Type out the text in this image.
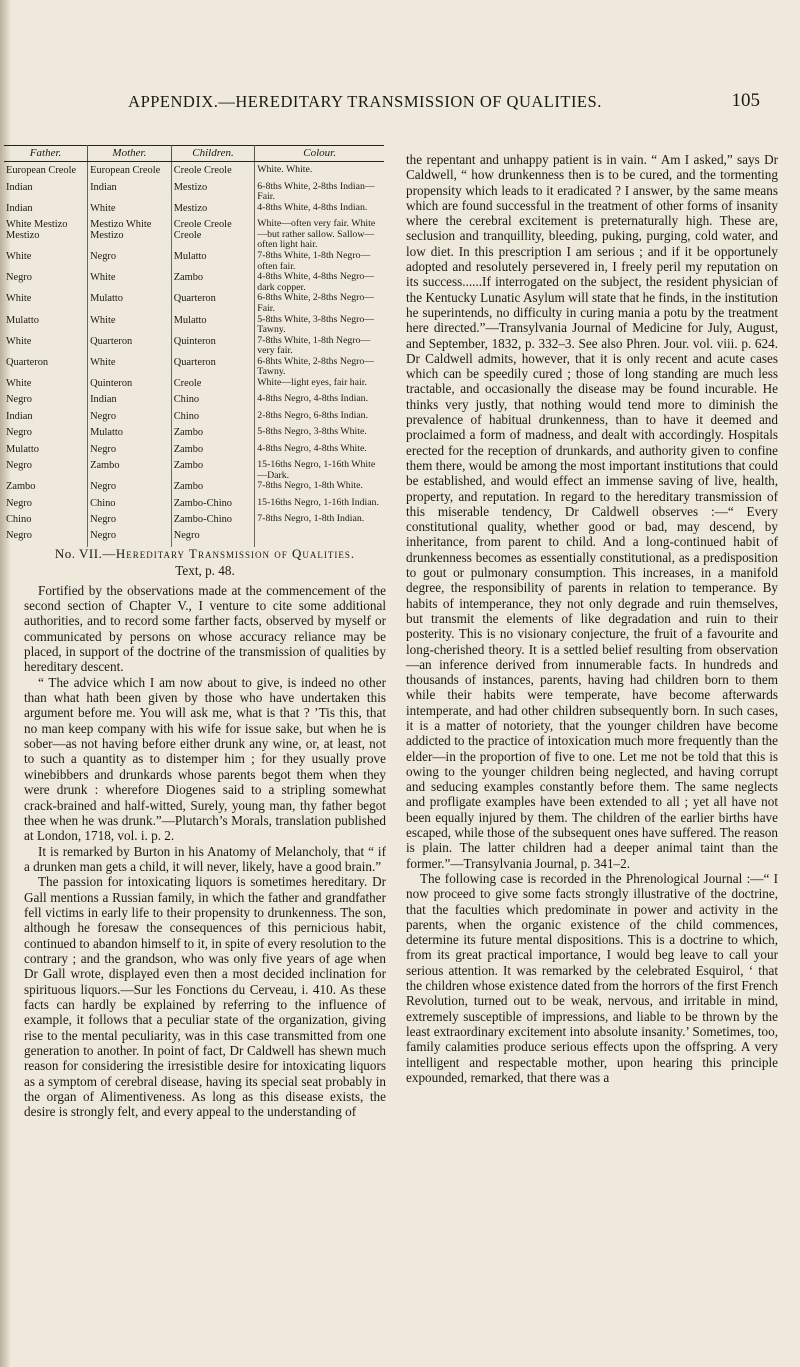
APPENDIX.—HEREDITARY TRANSMISSION OF QUALITIES.	105
Father.	Mother.	Children.	Colour.
European Creole	European Creole	Creole Creole	White. White.
Indian	Indian	Mestizo	6-8ths White, 2-8ths Indian—Fair.
Indian	White	Mestizo	4-8ths White, 4-8ths Indian.
White Mestizo Mestizo	Mestizo White Mestizo	Creole Creole Creole	White—often very fair. White—but rather sallow. Sallow—often light hair.
White	Negro	Mulatto	7-8ths White, 1-8th Negro—often fair.
Negro	White	Zambo	4-8ths White, 4-8ths Negro—dark copper.
White	Mulatto	Quarteron	6-8ths White, 2-8ths Negro—Fair.
Mulatto	White	Mulatto	5-8ths White, 3-8ths Negro—Tawny.
White	Quarteron	Quinteron	7-8ths White, 1-8th Negro—very fair.
Quarteron	White	Quarteron	6-8hts White, 2-8ths Negro—Tawny.
White	Quinteron	Creole	White—light eyes, fair hair.
Negro	Indian	Chino	4-8ths Negro, 4-8ths Indian.
Indian	Negro	Chino	2-8ths Negro, 6-8ths Indian.
Negro	Mulatto	Zambo	5-8ths Negro, 3-8ths White.
Mulatto	Negro	Zambo	4-8ths Negro, 4-8ths White.
Negro	Zambo	Zambo	15-16ths Negro, 1-16th White—Dark.
Zambo	Negro	Zambo	7-8ths Negro, 1-8th White.
Negro	Chino	Zambo-Chino	15-16ths Negro, 1-16th Indian.
Chino	Negro	Zambo-Chino	7-8ths Negro, 1-8th Indian.
Negro	Negro	Negro	
No. VII.—Hereditary Transmission of Qualities.
Text, p. 48.

Fortified by the observations made at the commencement of the second section of Chapter V., I venture to cite some additional authorities, and to record some farther facts, observed by myself or communicated by persons on whose accuracy reliance may be placed, in support of the doctrine of the transmission of qualities by hereditary descent.

“ The advice which I am now about to give, is indeed no other than what hath been given by those who have undertaken this argument before me. You will ask me, what is that ? ’Tis this, that no man keep company with his wife for issue sake, but when he is sober—as not having before either drunk any wine, or, at least, not to such a quantity as to distemper him ; for they usually prove winebibbers and drunkards whose parents begot them when they were drunk : wherefore Diogenes said to a stripling somewhat crack-brained and half-witted, Surely, young man, thy father begot thee when he was drunk.”—Plutarch’s Morals, translation published at London, 1718, vol. i. p. 2.

It is remarked by Burton in his Anatomy of Melancholy, that “ if a drunken man gets a child, it will never, likely, have a good brain.”

The passion for intoxicating liquors is sometimes hereditary. Dr Gall mentions a Russian family, in which the father and grandfather fell victims in early life to their propensity to drunkenness. The son, although he foresaw the consequences of this pernicious habit, continued to abandon himself to it, in spite of every resolution to the contrary ; and the grandson, who was only five years of age when Dr Gall wrote, displayed even then a most decided inclination for spirituous liquors.—Sur les Fonctions du Cerveau, i. 410. As these facts can hardly be explained by referring to the influence of example, it follows that a peculiar state of the organization, giving rise to the mental peculiarity, was in this case transmitted from one generation to another. In point of fact, Dr Caldwell has shewn much reason for considering the irresistible desire for intoxicating liquors as a symptom of cerebral disease, having its special seat probably in the organ of Alimentiveness. As long as this disease exists, the desire is strongly felt, and every appeal to the understanding of

the repentant and unhappy patient is in vain. “ Am I asked,” says Dr Caldwell, “ how drunkenness then is to be cured, and the tormenting propensity which leads to it eradicated ? I answer, by the same means which are found successful in the treatment of other forms of insanity where the cerebral excitement is preternaturally high. These are, seclusion and tranquillity, bleeding, puking, purging, cold water, and low diet. In this prescription I am serious ; and if it be opportunely adopted and resolutely persevered in, I freely peril my reputation on its success......If interrogated on the subject, the resident physician of the Kentucky Lunatic Asylum will state that he finds, in the institution he superintends, no difficulty in curing mania a potu by the treatment here directed.”—Transylvania Journal of Medicine for July, August, and September, 1832, p. 332–3. See also Phren. Jour. vol. viii. p. 624. Dr Caldwell admits, however, that it is only recent and acute cases which can be speedily cured ; those of long standing are much less tractable, and occasionally the disease may be found incurable. He thinks very justly, that nothing would tend more to diminish the prevalence of habitual drunkenness, than to have it deemed and proclaimed a form of madness, and dealt with accordingly. Hospitals erected for the reception of drunkards, and authority given to confine them there, would be among the most important institutions that could be established, and would effect an immense saving of live, health, property, and reputation. In regard to the hereditary transmission of this miserable tendency, Dr Caldwell observes :—“ Every constitutional quality, whether good or bad, may descend, by inheritance, from parent to child. And a long-continued habit of drunkenness becomes as essentially constitutional, as a predisposition to gout or pulmonary consumption. This increases, in a manifold degree, the responsibility of parents in relation to temperance. By habits of intemperance, they not only degrade and ruin themselves, but transmit the elements of like degradation and ruin to their posterity. This is no visionary conjecture, the fruit of a favourite and long-cherished theory. It is a settled belief resulting from observation—an inference derived from innumerable facts. In hundreds and thousands of instances, parents, having had children born to them while their habits were temperate, have become afterwards intemperate, and had other children subsequently born. In such cases, it is a matter of notoriety, that the younger children have become addicted to the practice of intoxication much more frequently than the elder—in the proportion of five to one. Let me not be told that this is owing to the younger children being neglected, and having corrupt and seducing examples constantly before them. The same neglects and profligate examples have been extended to all ; yet all have not been equally injured by them. The children of the earlier births have escaped, while those of the subsequent ones have suffered. The reason is plain. The latter children had a deeper animal taint than the former.”—Transylvania Journal, p. 341–2.

The following case is recorded in the Phrenological Journal :—“ I now proceed to give some facts strongly illustrative of the doctrine, that the faculties which predominate in power and activity in the parents, when the organic existence of the child commences, determine its future mental dispositions. This is a doctrine to which, from its great practical importance, I would beg leave to call your serious attention. It was remarked by the celebrated Esquirol, ‘ that the children whose existence dated from the horrors of the first French Revolution, turned out to be weak, nervous, and irritable in mind, extremely susceptible of impressions, and liable to be thrown by the least extraordinary excitement into absolute insanity.’ Sometimes, too, family calamities produce serious effects upon the offspring. A very intelligent and respectable mother, upon hearing this principle expounded, remarked, that there was a
